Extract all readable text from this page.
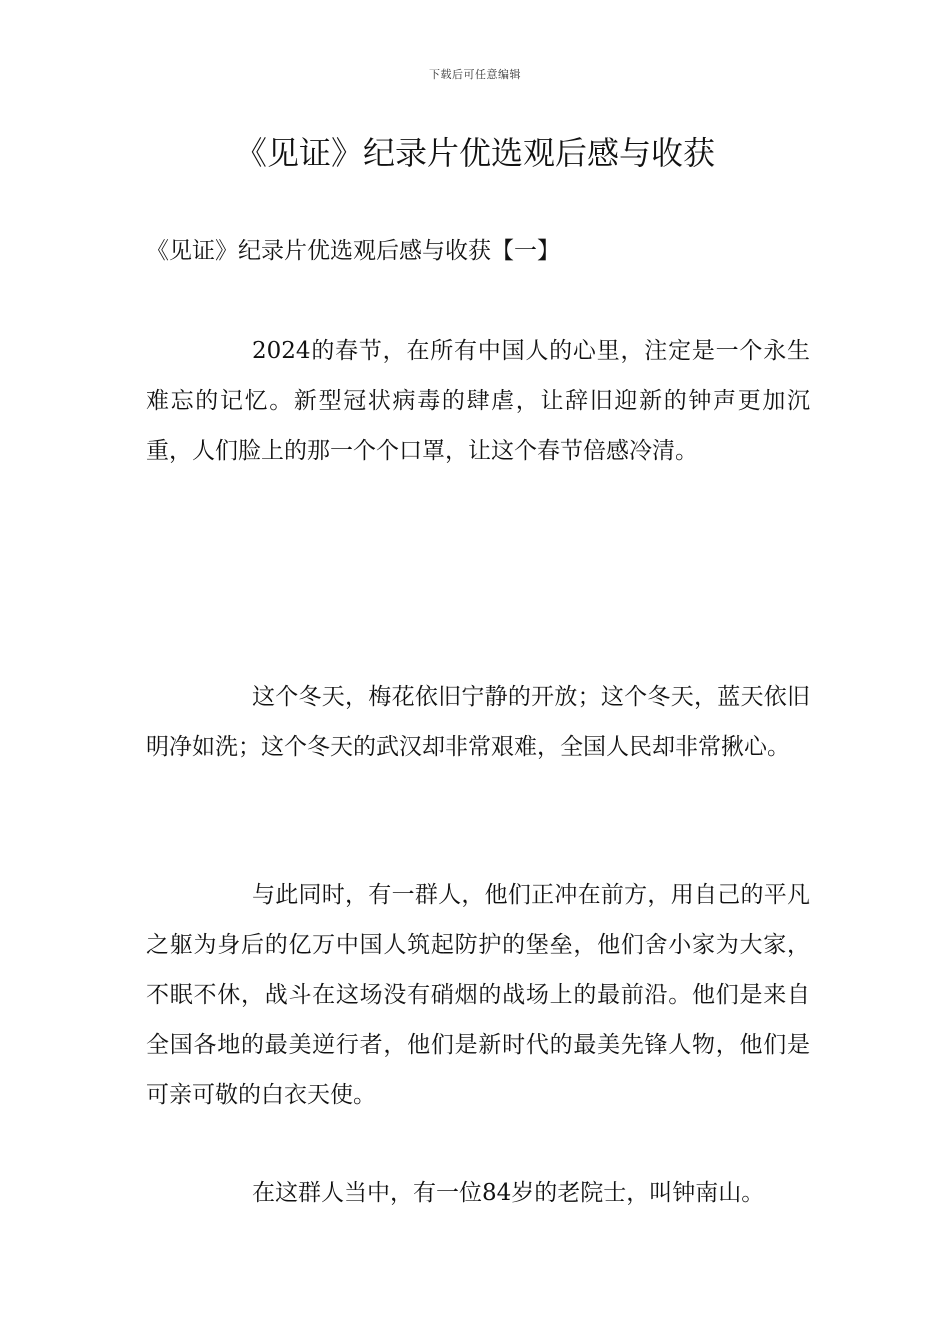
下载后可任意编辑
《见证》纪录片优选观后感与收获
《见证》纪录片优选观后感与收获【一】

2024的春节，在所有中国人的心里，注定是一个永生难忘的记忆。新型冠状病毒的肆虐，让辞旧迎新的钟声更加沉重，人们脸上的那一个个口罩，让这个春节倍感冷清。

这个冬天，梅花依旧宁静的开放；这个冬天，蓝天依旧明净如洗；这个冬天的武汉却非常艰难，全国人民却非常揪心。

与此同时，有一群人，他们正冲在前方，用自己的平凡之躯为身后的亿万中国人筑起防护的堡垒，他们舍小家为大家，不眠不休，战斗在这场没有硝烟的战场上的最前沿。他们是来自全国各地的最美逆行者，他们是新时代的最美先锋人物，他们是可亲可敬的白衣天使。

在这群人当中，有一位84岁的老院士，叫钟南山。
